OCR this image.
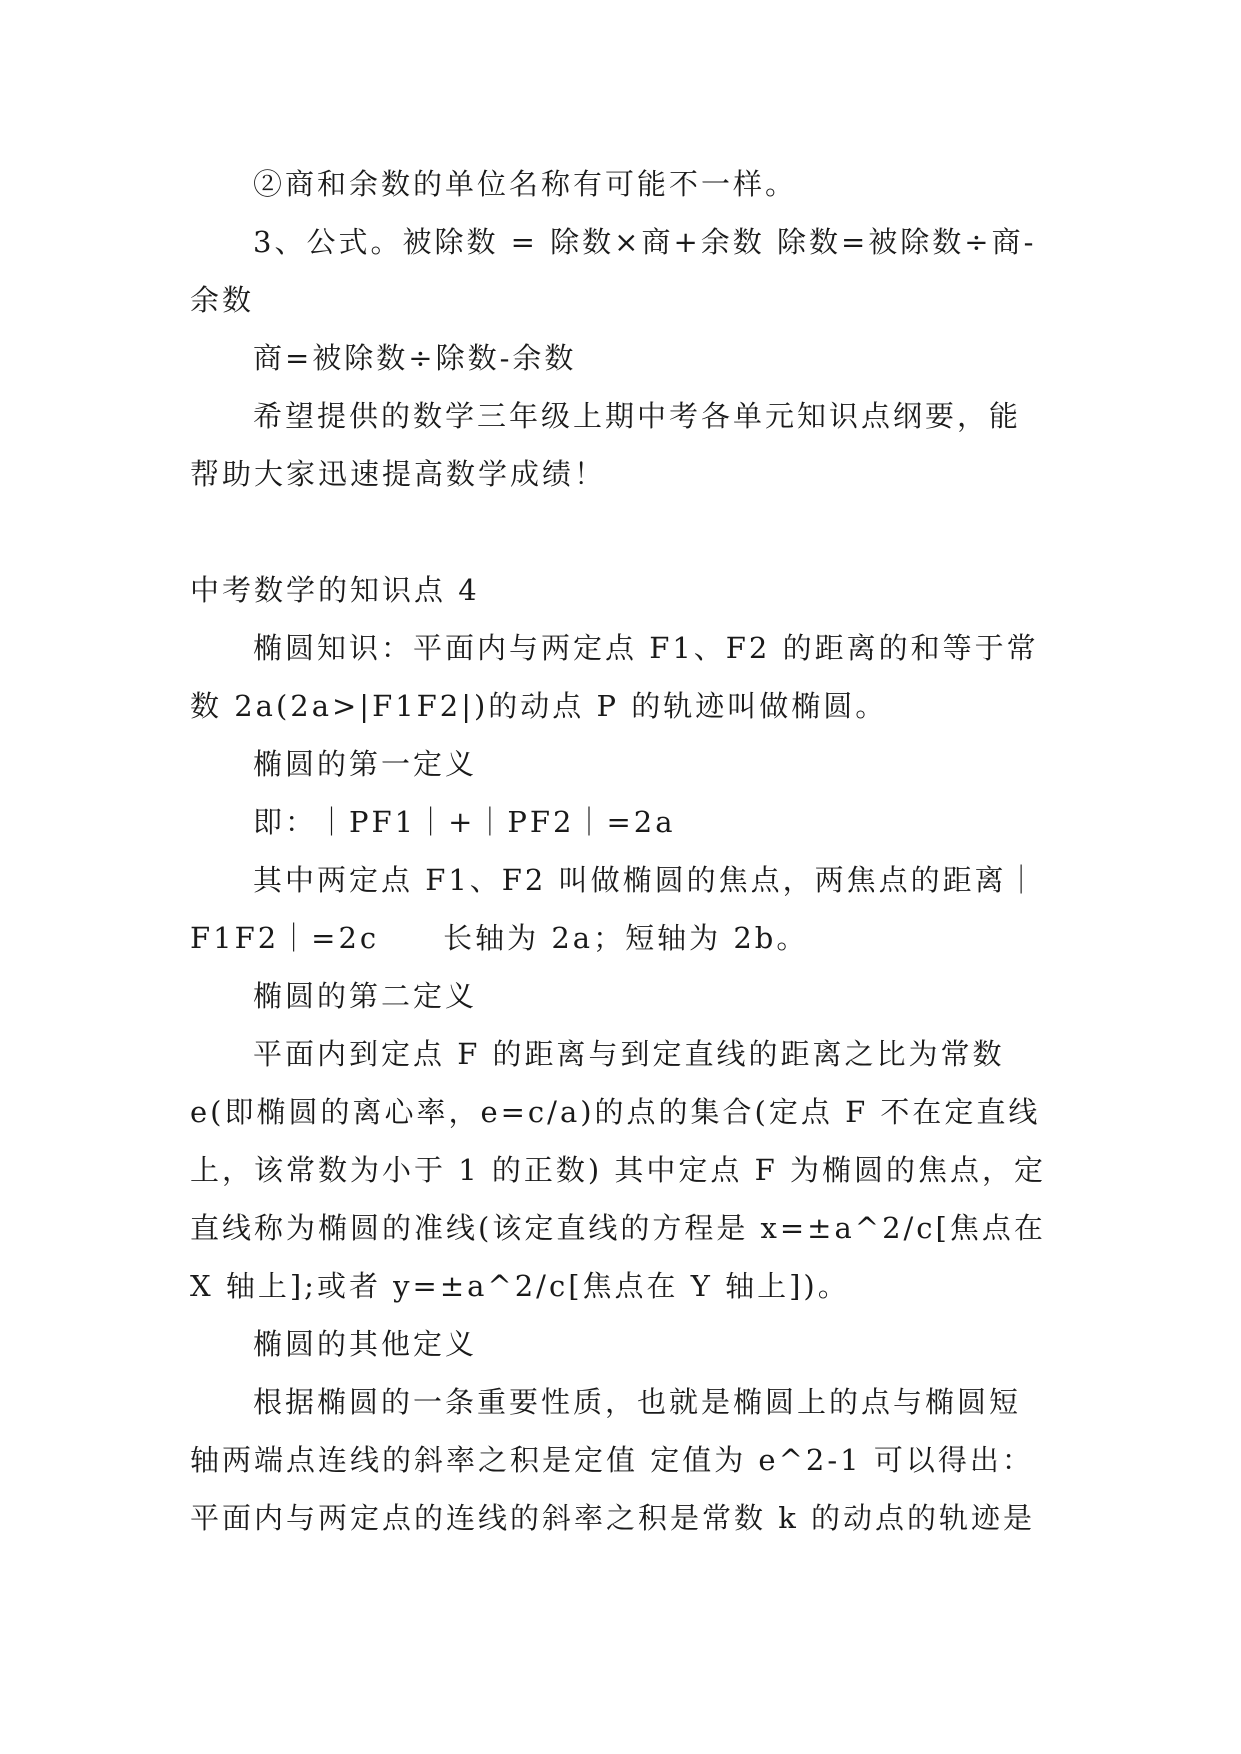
②商和余数的单位名称有可能不一样。
3、公式。被除数 = 除数×商+余数 除数=被除数÷商-
余数
商=被除数÷除数-余数
希望提供的数学三年级上期中考各单元知识点纲要，能
帮助大家迅速提高数学成绩！
中考数学的知识点 4
椭圆知识：平面内与两定点 F1、F2 的距离的和等于常
数 2a(2a>|F1F2|)的动点 P 的轨迹叫做椭圆。
椭圆的第一定义
即：｜PF1｜+｜PF2｜=2a
其中两定点 F1、F2 叫做椭圆的焦点，两焦点的距离｜
F1F2｜=2c　　长轴为 2a；短轴为 2b。
椭圆的第二定义
平面内到定点 F 的距离与到定直线的距离之比为常数
e(即椭圆的离心率，e=c/a)的点的集合(定点 F 不在定直线
上，该常数为小于 1 的正数) 其中定点 F 为椭圆的焦点，定
直线称为椭圆的准线(该定直线的方程是 x=±a^2/c[焦点在
X 轴上];或者 y=±a^2/c[焦点在 Y 轴上])。
椭圆的其他定义
根据椭圆的一条重要性质，也就是椭圆上的点与椭圆短
轴两端点连线的斜率之积是定值 定值为 e^2-1 可以得出：
平面内与两定点的连线的斜率之积是常数 k 的动点的轨迹是
